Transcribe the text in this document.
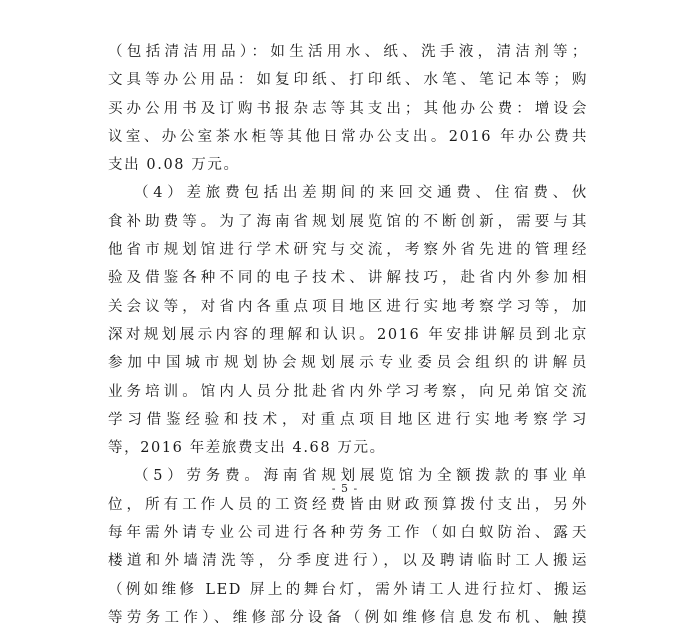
（包括清洁用品）：如生活用水、纸、洗手液，清洁剂等；
文具等办公用品：如复印纸、打印纸、水笔、笔记本等；购
买办公用书及订购书报杂志等其支出；其他办公费：增设会
议室、办公室茶水柜等其他日常办公支出。2016 年办公费共
支出 0.08 万元。
（4）差旅费包括出差期间的来回交通费、住宿费、伙
食补助费等。为了海南省规划展览馆的不断创新，需要与其
他省市规划馆进行学术研究与交流，考察外省先进的管理经
验及借鉴各种不同的电子技术、讲解技巧，赴省内外参加相
关会议等，对省内各重点项目地区进行实地考察学习等，加
深对规划展示内容的理解和认识。2016 年安排讲解员到北京
参加中国城市规划协会规划展示专业委员会组织的讲解员
业务培训。馆内人员分批赴省内外学习考察，向兄弟馆交流
学习借鉴经验和技术，对重点项目地区进行实地考察学习
等，2016 年差旅费支出 4.68 万元。
（5）劳务费。海南省规划展览馆为全额拨款的事业单
位，所有工作人员的工资经费皆由财政预算拨付支出，另外
每年需外请专业公司进行各种劳务工作（如白蚁防治、露天
楼道和外墙清洗等，分季度进行），以及聘请临时工人搬运
（例如维修 LED 屏上的舞台灯，需外请工人进行拉灯、搬运
等劳务工作）、维修部分设备（例如维修信息发布机、触摸
- 5 -
